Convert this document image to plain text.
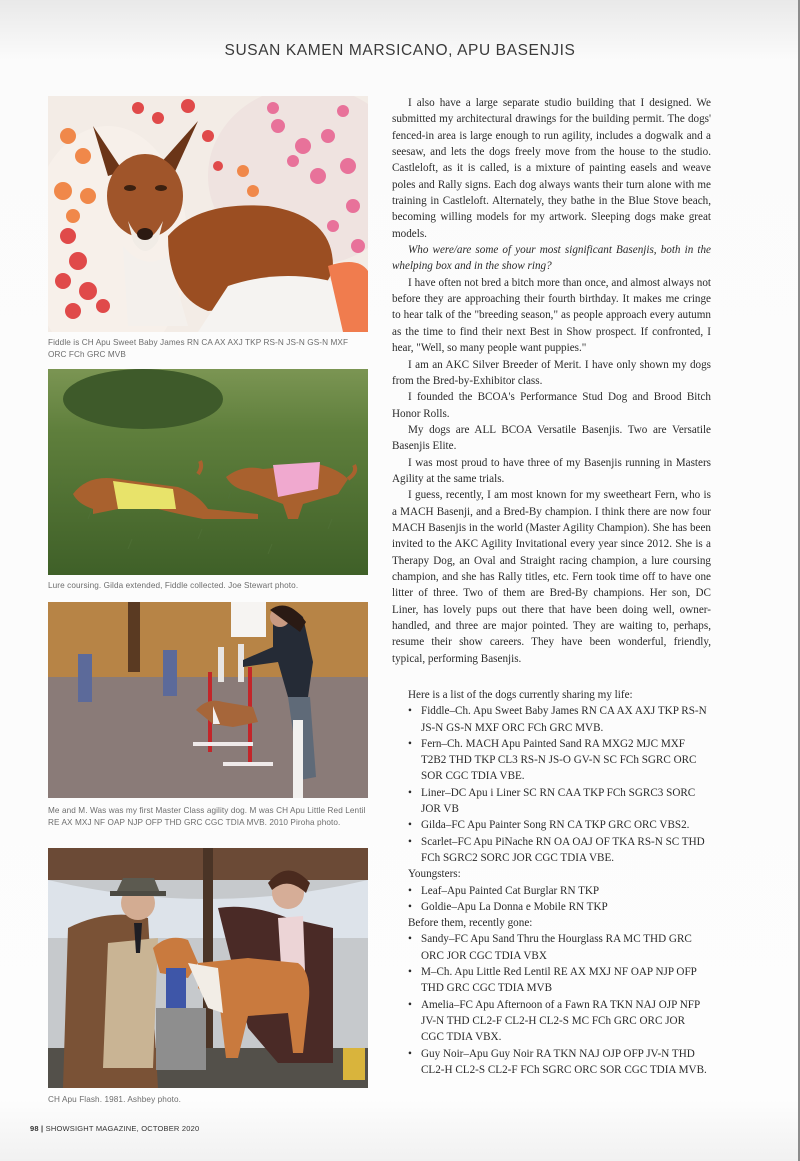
SUSAN KAMEN MARSICANO, APU BASENJIS
Fiddle is CH Apu Sweet Baby James RN CA AX AXJ TKP RS-N JS-N GS-N MXF ORC FCh GRC MVB
Lure coursing. Gilda extended, Fiddle collected. Joe Stewart photo.
Me and M. Was was my first Master Class agility dog. M was CH Apu Little Red Lentil RE AX MXJ NF OAP NJP OFP THD GRC CGC TDIA MVB. 2010 Piroha photo.
CH Apu Flash. 1981. Ashbey photo.

I also have a large separate studio building that I designed. We submitted my architectural drawings for the building permit. The dogs' fenced-in area is large enough to run agility, includes a dogwalk and a seesaw, and lets the dogs freely move from the house to the studio. Castleloft, as it is called, is a mixture of painting easels and weave poles and Rally signs. Each dog always wants their turn alone with me training in Castleloft. Alternately, they bathe in the Blue Stove beach, becoming willing models for my artwork. Sleeping dogs make great models.

Who were/are some of your most significant Basenjis, both in the whelping box and in the show ring?

I have often not bred a bitch more than once, and almost always not before they are approaching their fourth birthday. It makes me cringe to hear talk of the "breeding season," as people approach every autumn as the time to find their next Best in Show prospect. If confronted, I hear, "Well, so many people want puppies."

I am an AKC Silver Breeder of Merit. I have only shown my dogs from the Bred-by-Exhibitor class.

I founded the BCOA's Performance Stud Dog and Brood Bitch Honor Rolls.

My dogs are ALL BCOA Versatile Basenjis. Two are Versatile Basenjis Elite.

I was most proud to have three of my Basenjis running in Masters Agility at the same trials.

I guess, recently, I am most known for my sweetheart Fern, who is a MACH Basenji, and a Bred-By champion. I think there are now four MACH Basenjis in the world (Master Agility Champion). She has been invited to the AKC Agility Invitational every year since 2012. She is a Therapy Dog, an Oval and Straight racing champion, a lure coursing champion, and she has Rally titles, etc. Fern took time off to have one litter of three. Two of them are Bred-By champions. Her son, DC Liner, has lovely pups out there that have been doing well, owner-handled, and three are major pointed. They are waiting to, perhaps, resume their show careers. They have been wonderful, friendly, typical, performing Basenjis.

Here is a list of the dogs currently sharing my life:

• Fiddle–Ch. Apu Sweet Baby James RN CA AX AXJ TKP RS-N JS-N GS-N MXF ORC FCh GRC MVB.
• Fern–Ch. MACH Apu Painted Sand RA MXG2 MJC MXF T2B2 THD TKP CL3 RS-N JS-O GV-N SC FCh SGRC ORC SOR CGC TDIA VBE.
• Liner–DC Apu i Liner SC RN CAA TKP FCh SGRC3 SORC JOR VB
• Gilda–FC Apu Painter Song RN CA TKP GRC ORC VBS2.
• Scarlet–FC Apu PiNache RN OA OAJ OF TKA RS-N SC THD FCh SGRC2 SORC JOR CGC TDIA VBE.

Youngsters:

• Leaf–Apu Painted Cat Burglar RN TKP
• Goldie–Apu La Donna e Mobile RN TKP

Before them, recently gone:

• Sandy–FC Apu Sand Thru the Hourglass RA MC THD GRC ORC JOR CGC TDIA VBX
• M–Ch. Apu Little Red Lentil RE AX MXJ NF OAP NJP OFP THD GRC CGC TDIA MVB
• Amelia–FC Apu Afternoon of a Fawn RA TKN NAJ OJP NFP JV-N THD CL2-F CL2-H CL2-S MC FCh GRC ORC JOR CGC TDIA VBX.
• Guy Noir–Apu Guy Noir RA TKN NAJ OJP OFP JV-N THD CL2-H CL2-S CL2-F FCh SGRC ORC SOR CGC TDIA MVB.
98 | SHOWSIGHT MAGAZINE, OCTOBER 2020
